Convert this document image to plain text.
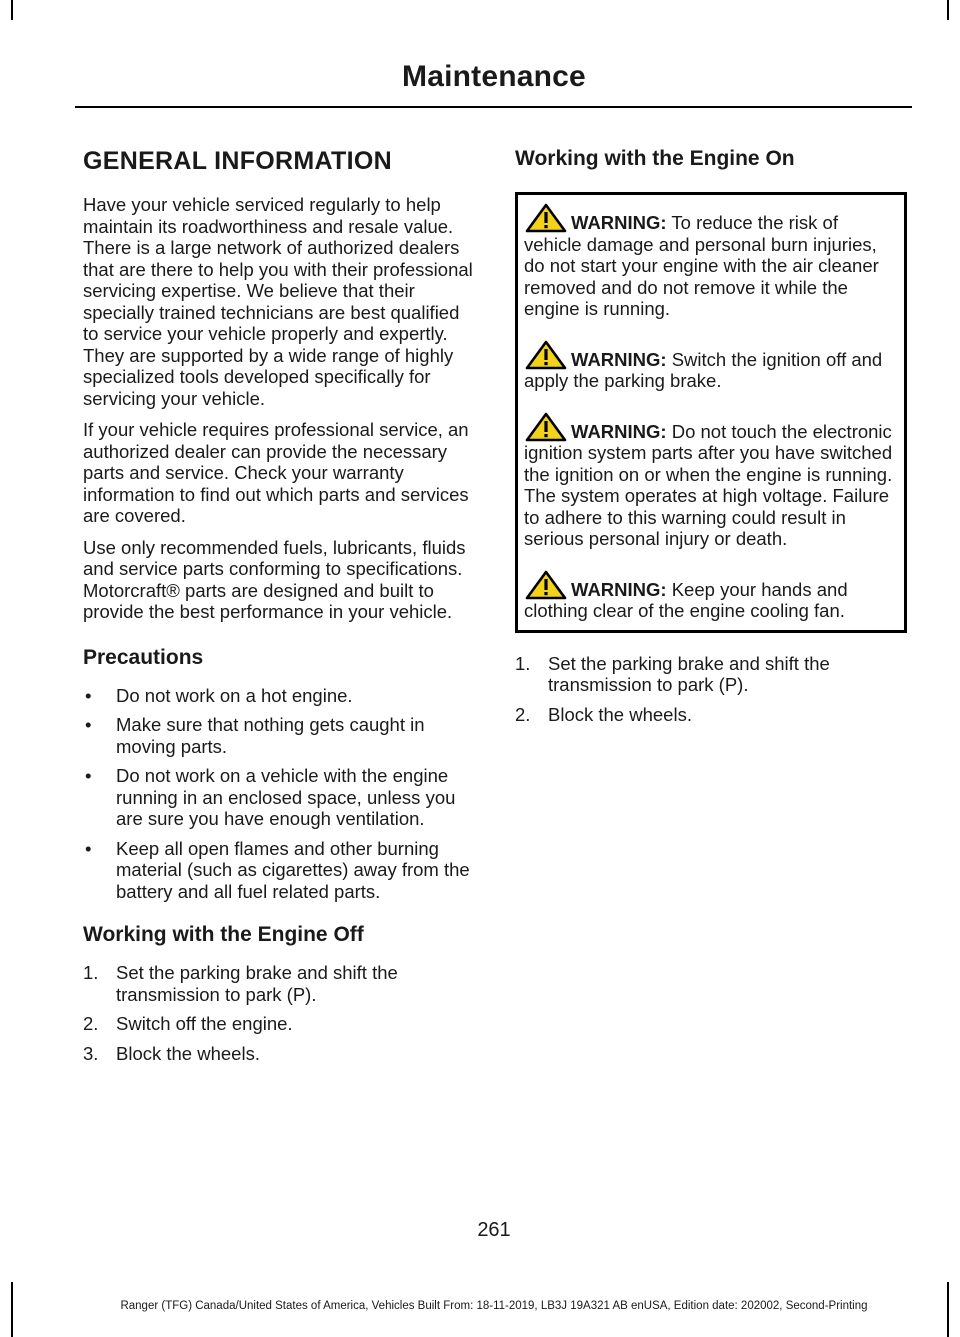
Maintenance
GENERAL INFORMATION

Have your vehicle serviced regularly to help maintain its roadworthiness and resale value. There is a large network of authorized dealers that are there to help you with their professional servicing expertise. We believe that their specially trained technicians are best qualified to service your vehicle properly and expertly. They are supported by a wide range of highly specialized tools developed specifically for servicing your vehicle.

If your vehicle requires professional service, an authorized dealer can provide the necessary parts and service. Check your warranty information to find out which parts and services are covered.

Use only recommended fuels, lubricants, fluids and service parts conforming to specifications. Motorcraft® parts are designed and built to provide the best performance in your vehicle.

Precautions
• Do not work on a hot engine.
• Make sure that nothing gets caught in moving parts.
• Do not work on a vehicle with the engine running in an enclosed space, unless you are sure you have enough ventilation.
• Keep all open flames and other burning material (such as cigarettes) away from the battery and all fuel related parts.
Working with the Engine Off
1. Set the parking brake and shift the transmission to park (P).
2. Switch off the engine.
3. Block the wheels.
Working with the Engine On
WARNING: To reduce the risk of vehicle damage and personal burn injuries, do not start your engine with the air cleaner removed and do not remove it while the engine is running.
WARNING: Switch the ignition off and apply the parking brake.
WARNING: Do not touch the electronic ignition system parts after you have switched the ignition on or when the engine is running. The system operates at high voltage. Failure to adhere to this warning could result in serious personal injury or death.
WARNING: Keep your hands and clothing clear of the engine cooling fan.
1. Set the parking brake and shift the transmission to park (P).
2. Block the wheels.
261
Ranger (TFG) Canada/United States of America, Vehicles Built From: 18-11-2019, LB3J 19A321 AB enUSA, Edition date: 202002, Second-Printing
